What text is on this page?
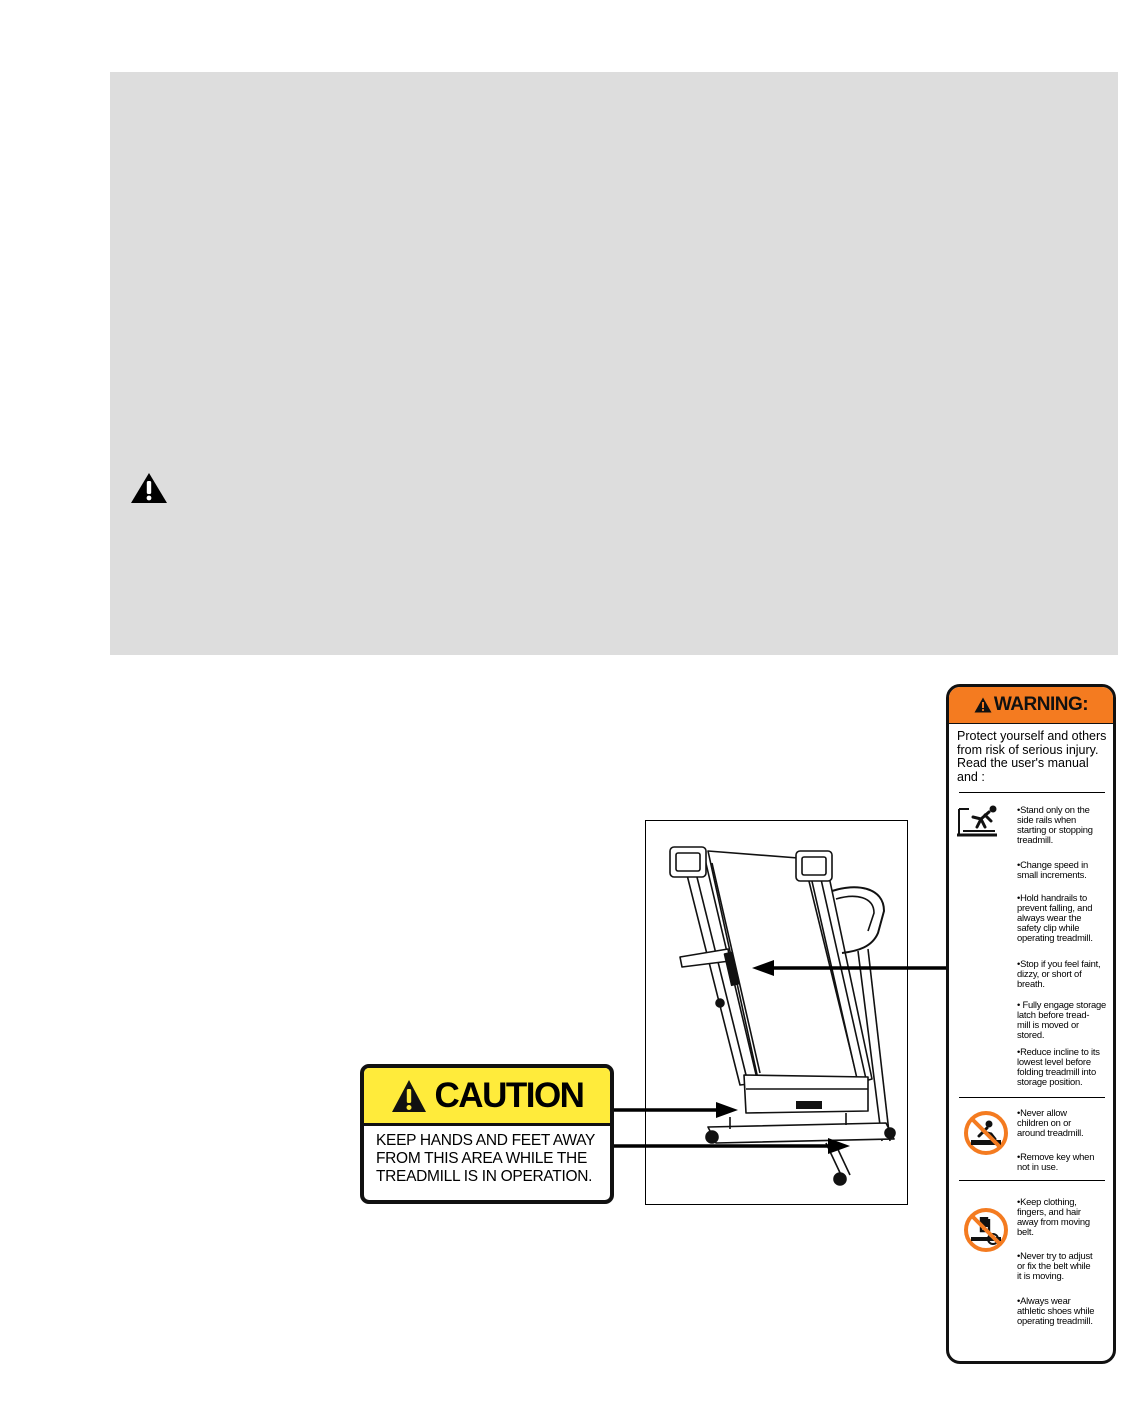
CAUTION
KEEP HANDS AND FEET AWAY
FROM THIS AREA WHILE THE
TREADMILL IS IN OPERATION.
WARNING:
Protect yourself and others from risk of serious injury. Read the user's manual and :
•Stand only on the
side rails when
starting or stopping
treadmill.
•Change speed in
small increments.
•Hold handrails to
prevent falling, and
always wear the
safety clip while
operating treadmill.
•Stop if you feel faint,
dizzy, or short of
breath.
• Fully engage storage
latch before tread-
mill is moved or
stored.
•Reduce incline to its
lowest level before
folding treadmill into
storage position.
•Never allow
children on or
around treadmill.
•Remove key when
not in use.
•Keep clothing,
fingers, and hair
away from moving
belt.
•Never try to adjust
or fix the belt while
it is moving.
•Always wear
athletic shoes while
operating treadmill.
